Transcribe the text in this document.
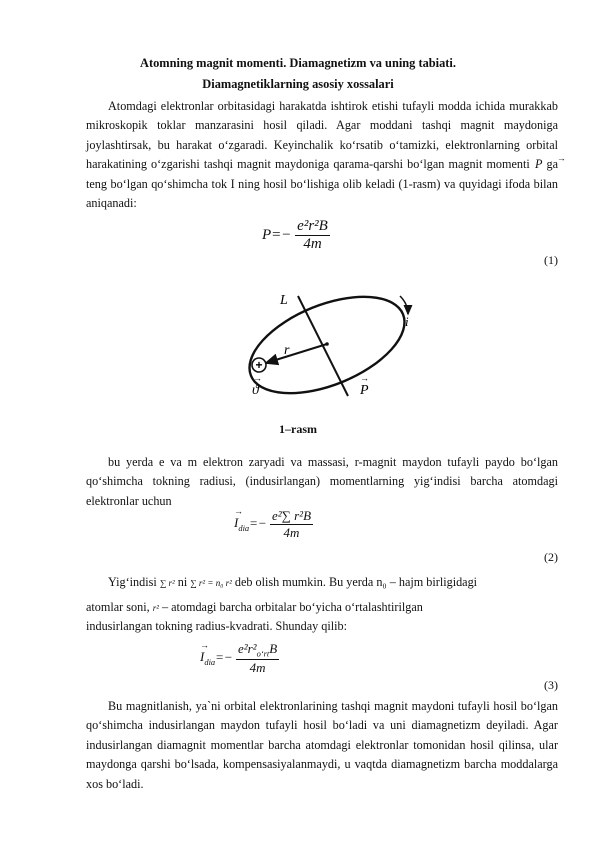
Atomning magnit momenti. Diamagnetizm va uning tabiati.
Diamagnetiklarning asosiy xossalari

Atomdagi elektronlar orbitasidagi harakatda ishtirok etishi tufayli modda ichida murakkab mikroskopik toklar manzarasini hosil qiladi. Agar moddani tashqi magnit maydoniga joylashtirsak, bu harakat o‘zgaradi. Keyinchalik ko‘rsatib o‘tamizki, elektronlarning orbital harakatining o‘zgarishi tashqi magnit maydoniga qarama-qarshi bo‘lgan magnit momenti   P	→
ga teng bo‘lgan qo‘shimcha tok I ning hosil bo‘lishiga olib keladi (1-rasm) va quyidagi ifoda bilan aniqanadi:

$P=- \frac{\text{e²r²B}}{4m}$
(1)
+
L
i
r
ϑ
→
P
→
1–rasm

bu yerda e va m elektron zaryadi va massasi, r-magnit maydon tufayli paydo bo‘lgan qo‘shimcha tokning radiusi, (indusirlangan) momentlarning yig‘indisi barcha atomdagi elektronlar uchun

I
→
$_{dia}=- \frac{\text{e²∑ r²B}}{4m}$
(2)
Yig‘indisi ∑ r² ni ∑ r² = n₀ r² deb olish mumkin. Bu yerda n₀ – hajm birligidagi
atomlar soni, r² – atomdagi barcha orbitalar bo‘yicha o‘rtalashtirilgan
indusirlangan tokning radius-kvadrati. Shunday qilib:
I
→
$_{dia}=- \frac{e^2r^2_{o‘rt}B}{4m}$
(3)

Bu magnitlanish, ya`ni orbital elektronlarining tashqi magnit maydoni tufayli hosil bo‘lgan qo‘shimcha indusirlangan maydon tufayli hosil bo‘ladi va uni diamagnetizm deyiladi. Agar indusirlangan diamagnit momentlar barcha atomdagi elektronlar tomonidan hosil qilinsa, ular maydonga qarshi bo‘lsada, kompensasiyalanmaydi, u vaqtda diamagnetizm barcha moddalarga xos bo‘ladi.
